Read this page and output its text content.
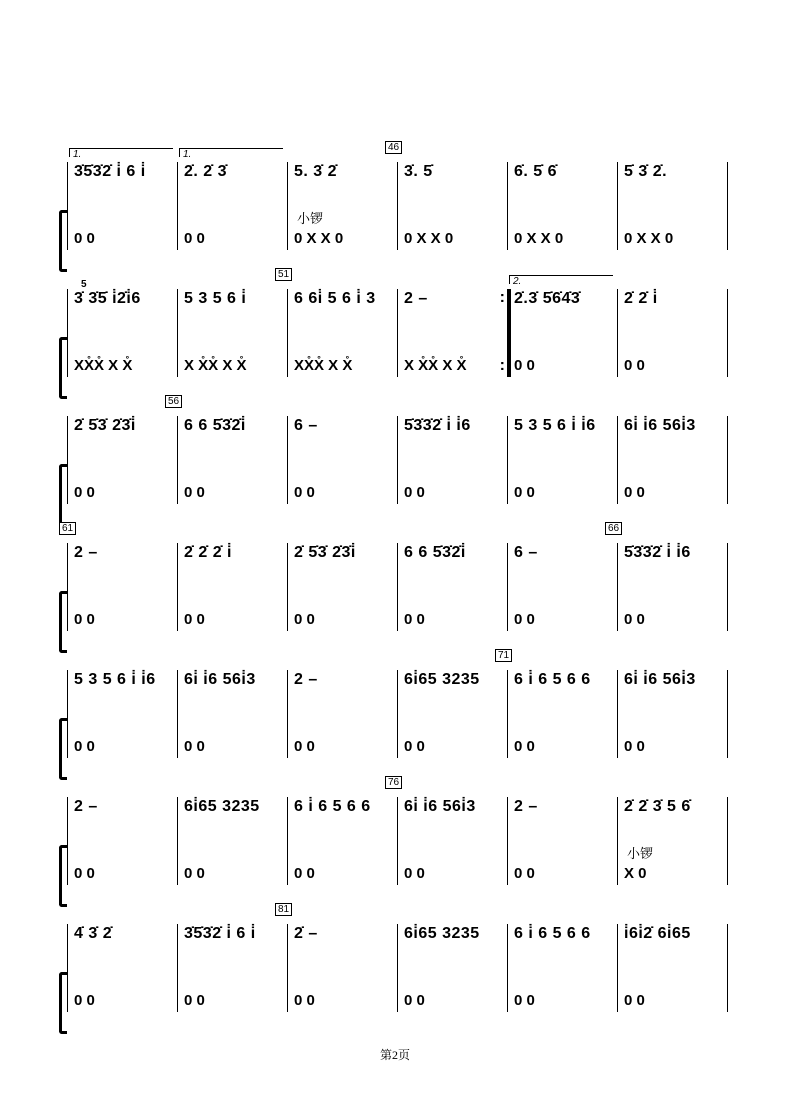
3̇5̇3̇2̇ i̇ 6 i̇
0 0
1.
2̇. 2̇ 3̇
0 0
1.
5. 3̇ 2̇
0 X X 0
小锣
3̇. 5̇
0 X X 0
46
6̇. 5̇ 6̇
0 X X 0
5̇ 3̇ 2̇.
0 X X 0
3̇ 3̇5̇ i̇2̇i̇6
XX̊X̊ X X̊
5
5 3 5 6 i̇
X X̊X̊ X X̊
6 6i̇ 5 6 i̇ 3
XX̊X̊ X X̊
51
2 –
X X̊X̊ X X̊
:
:
2̇.3̇ 5̇6̇4̇3̇
0 0
2.
2̇ 2̇ i̇
0 0
2̇ 5̇3̇ 2̇3̇i̇
0 0
6 6 5̇3̇2̇i̇
0 0
56
6 –
0 0
5̇3̇3̇2̇ i̇ i̇6
0 0
5 3 5 6 i̇ i̇6
0 0
6i̇ i̇6 56i̇3
0 0
2 –
0 0
61
2̇ 2̇ 2̇ i̇
0 0
2̇ 5̇3̇ 2̇3̇i̇
0 0
6 6 5̇3̇2̇i̇
0 0
6 –
0 0
5̇3̇3̇2̇ i̇ i̇6
0 0
66
5 3 5 6 i̇ i̇6
0 0
6i̇ i̇6 56i̇3
0 0
2 –
0 0
6i̇65 3235
0 0
6 i̇ 6 5 6 6
0 0
71
6i̇ i̇6 56i̇3
0 0
2 –
0 0
6i̇65 3235
0 0
6 i̇ 6 5 6 6
0 0
6i̇ i̇6 56i̇3
0 0
76
2 –
0 0
2̇ 2̇ 3̇ 5 6̇
X 0
小锣
4̇ 3̇ 2̇
0 0
3̇5̇3̇2̇ i̇ 6 i̇
0 0
2̇ –
0 0
81
6i̇65 3235
0 0
6 i̇ 6 5 6 6
0 0
i̇6i̇2̇ 6i̇65
0 0
第2页
